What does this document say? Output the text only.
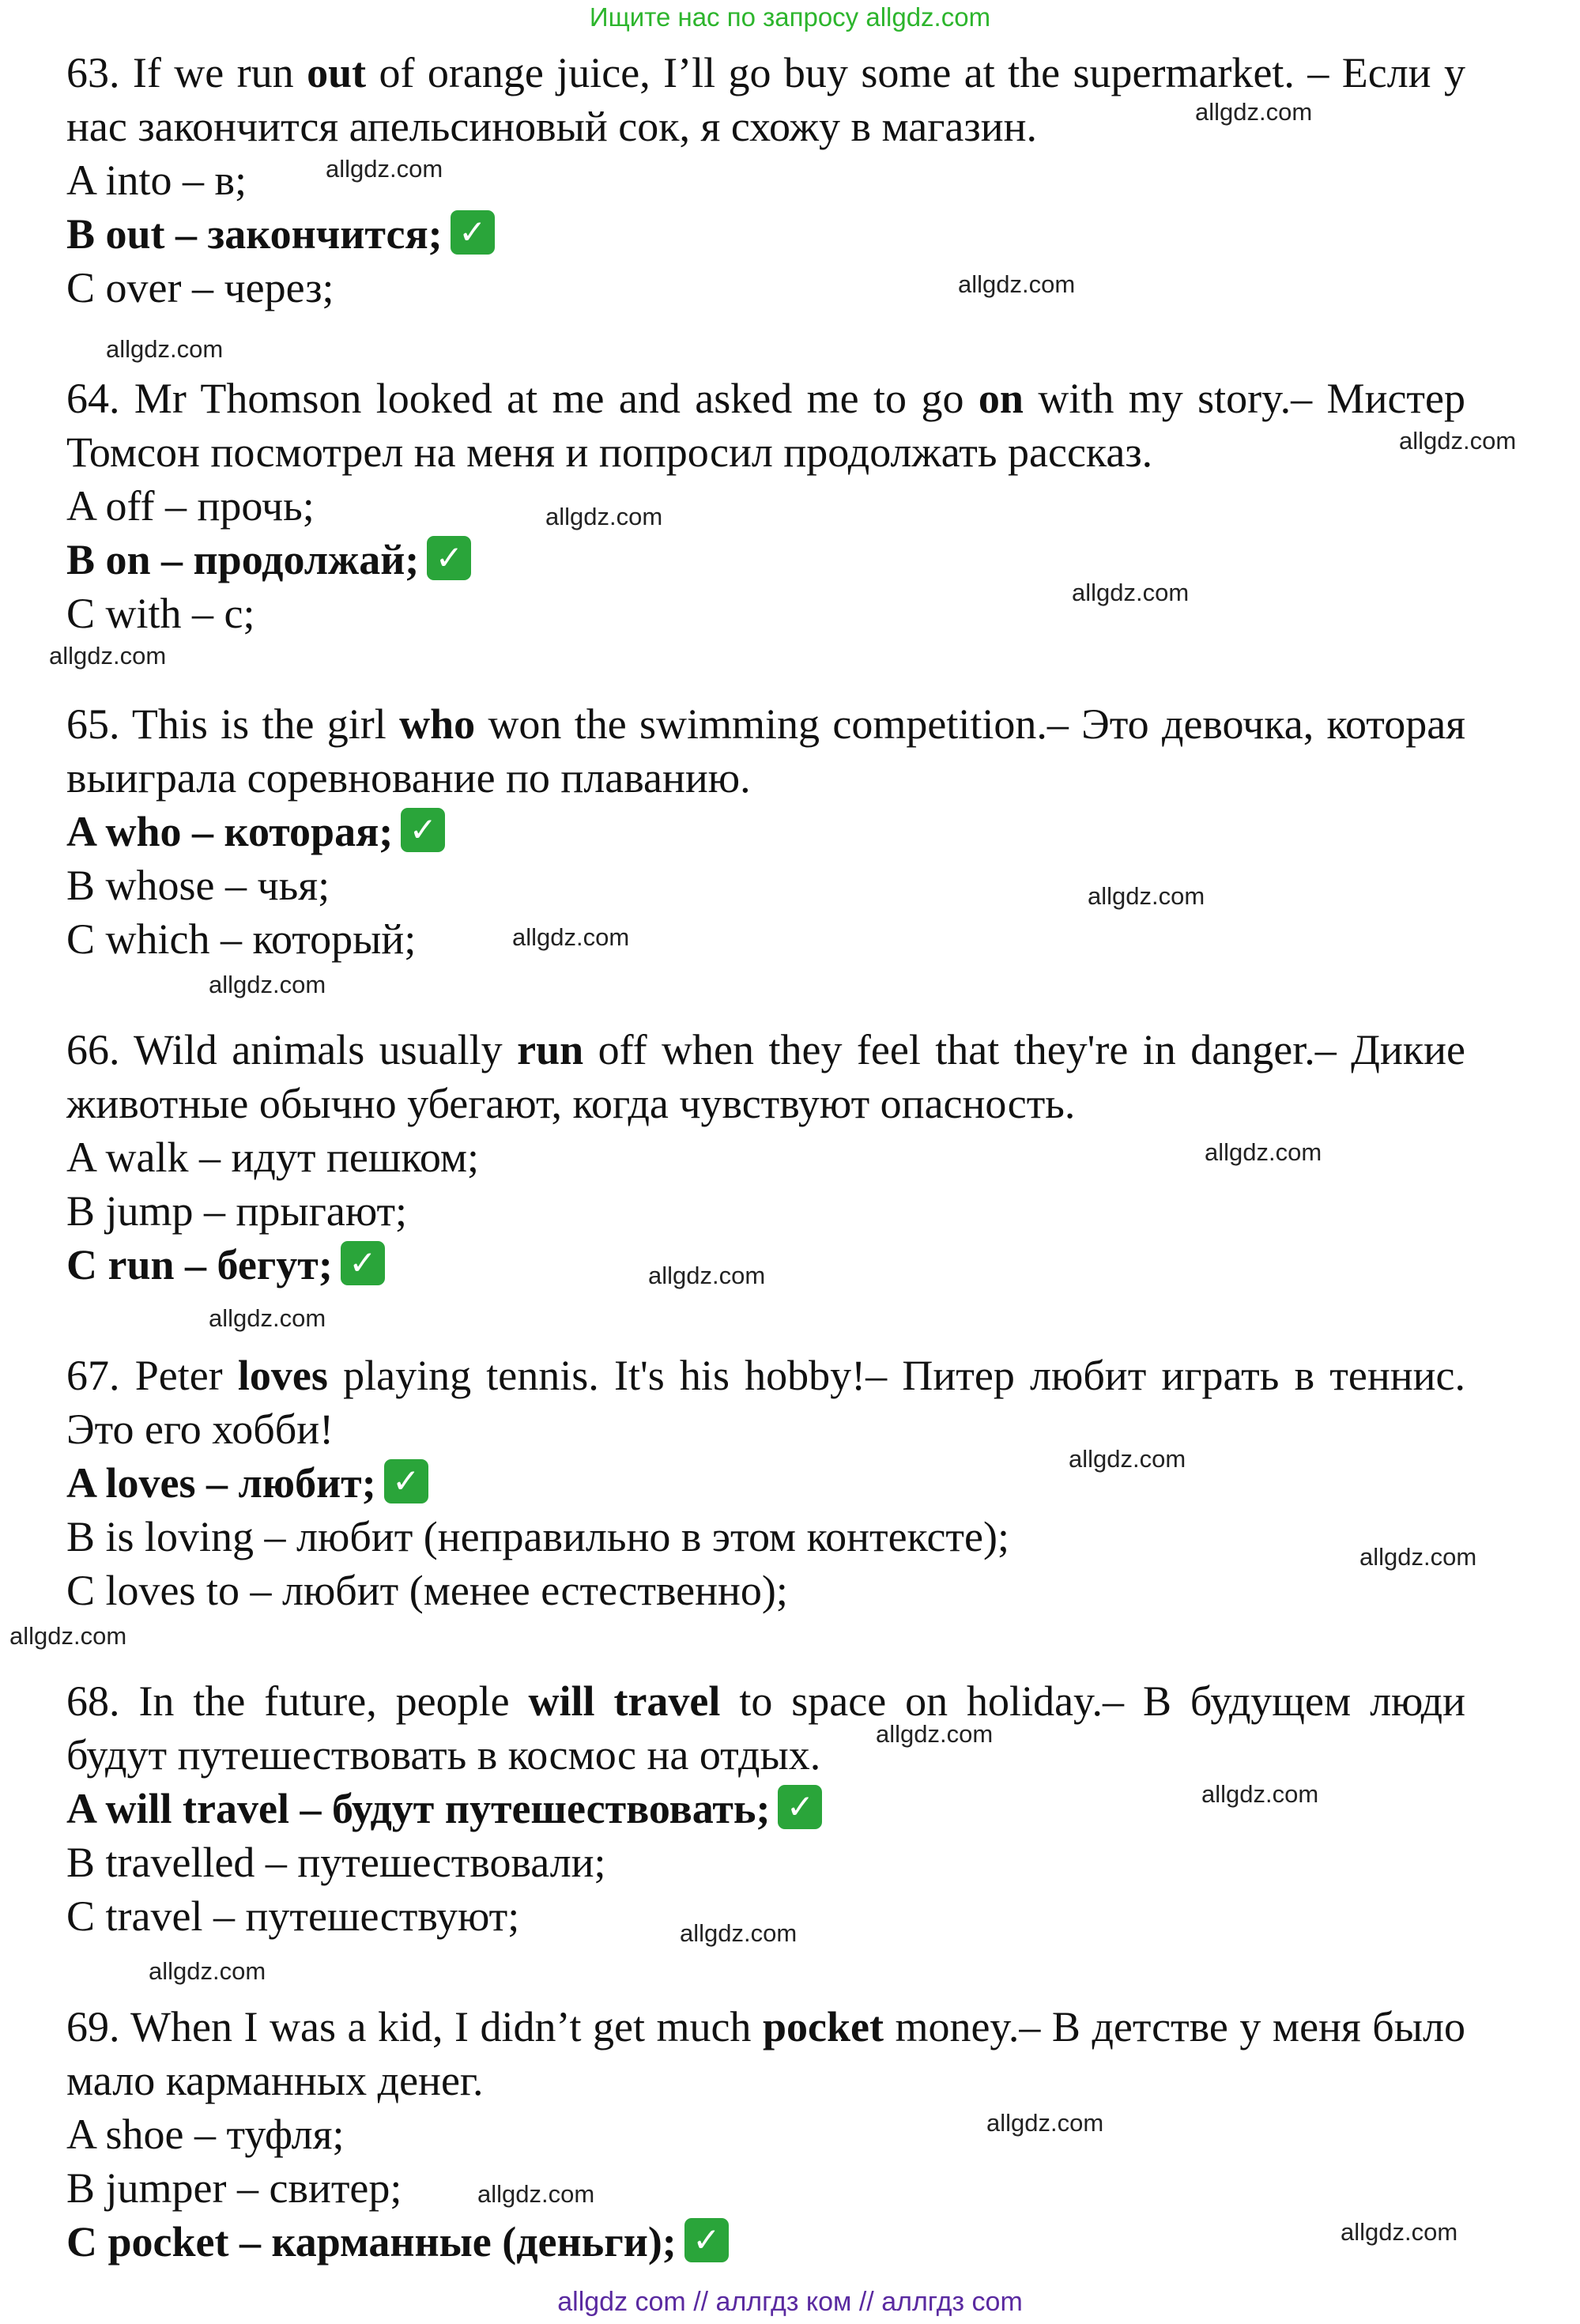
Ищите нас по запросу allgdz.com

63. If we run out of orange juice, I’ll go buy some at the supermarket. – Если у нас закончится апельсиновый сок, я схожу в магазин.

A into – в;
B out – закончится; ✓
C over – через;

64. Mr Thomson looked at me and asked me to go on with my story.– Мистер Томсон посмотрел на меня и попросил продолжать рассказ.

A off – прочь;
B on – продолжай; ✓
C with – с;

65. This is the girl who won the swimming competition.– Это девочка, которая выиграла соревнование по плаванию.

A who – которая; ✓
B whose – чья;
C which – который;

66. Wild animals usually run off when they feel that they're in danger.– Дикие животные обычно убегают, когда чувствуют опасность.

A walk – идут пешком;
B jump – прыгают;
C run – бегут; ✓

67. Peter loves playing tennis. It's his hobby!– Питер любит играть в теннис. Это его хобби!

A loves – любит; ✓
B is loving – любит (неправильно в этом контексте);
C loves to – любит (менее естественно);

68. In the future, people will travel to space on holiday.– В будущем люди будут путешествовать в космос на отдых.

A will travel – будут путешествовать; ✓
B travelled – путешествовали;
C travel – путешествуют;

69. When I was a kid, I didn’t get much pocket money.– В детстве у меня было мало карманных денег.

A shoe – туфля;
B jumper – свитер;
C pocket – карманные (деньги); ✓
allgdz.com
allgdz.com
allgdz.com
allgdz.com
allgdz.com
allgdz.com
allgdz.com
allgdz.com
allgdz.com
allgdz.com
allgdz.com
allgdz.com
allgdz.com
allgdz.com
allgdz.com
allgdz.com
allgdz.com
allgdz.com
allgdz.com
allgdz.com
allgdz.com
allgdz.com
allgdz.com
allgdz.com
allgdz com // аллгдз ком // аллгдз com
